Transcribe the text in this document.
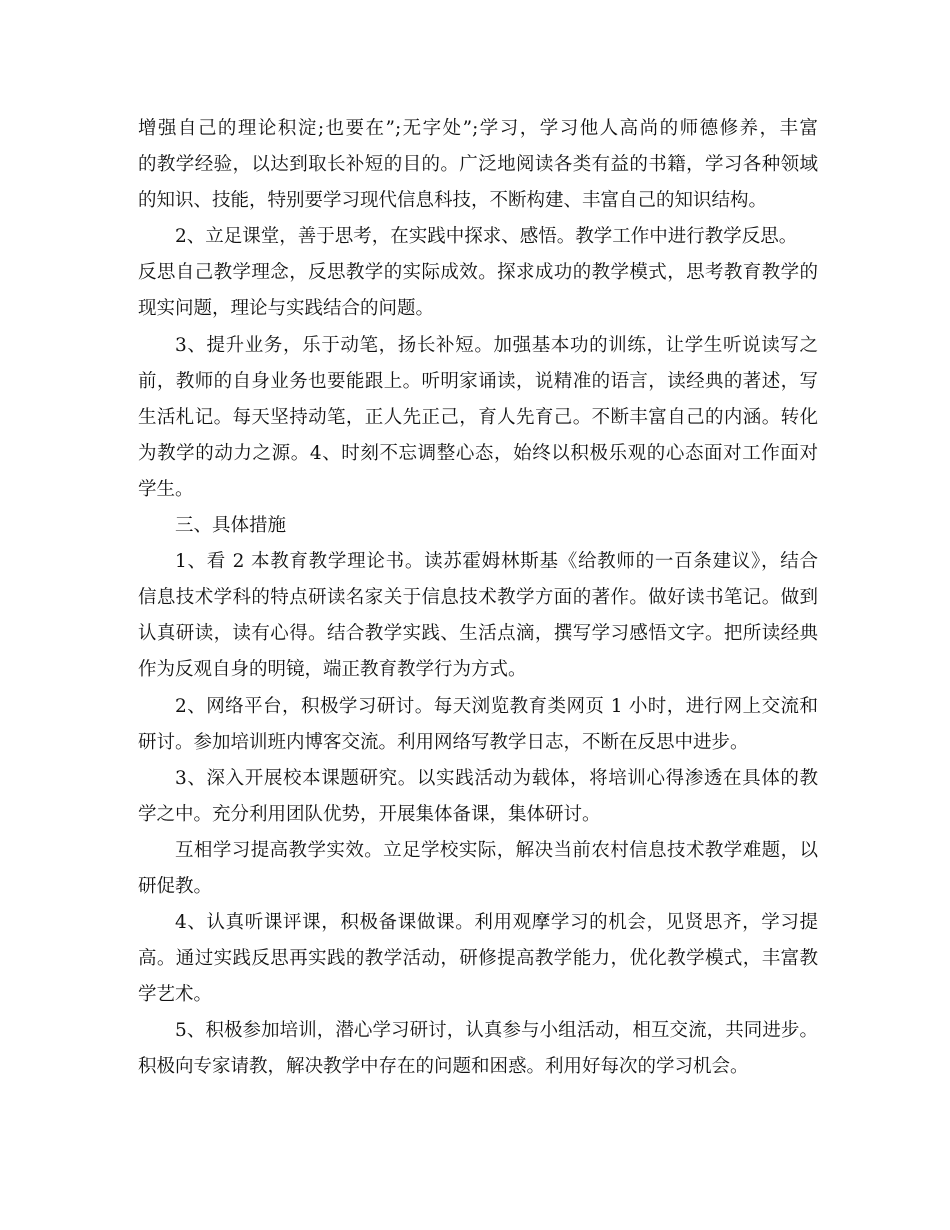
增强自己的理论积淀;也要在”;无字处”;学习，学习他人高尚的师德修养，丰富
的教学经验，以达到取长补短的目的。广泛地阅读各类有益的书籍，学习各种领域
的知识、技能，特别要学习现代信息科技，不断构建、丰富自己的知识结构。
2、立足课堂，善于思考，在实践中探求、感悟。教学工作中进行教学反思。
反思自己教学理念，反思教学的实际成效。探求成功的教学模式，思考教育教学的
现实问题，理论与实践结合的问题。
3、提升业务，乐于动笔，扬长补短。加强基本功的训练，让学生听说读写之
前，教师的自身业务也要能跟上。听明家诵读，说精准的语言，读经典的著述，写
生活札记。每天坚持动笔，正人先正己，育人先育己。不断丰富自己的内涵。转化
为教学的动力之源。4、时刻不忘调整心态，始终以积极乐观的心态面对工作面对
学生。
三、具体措施
1、看 2 本教育教学理论书。读苏霍姆林斯基《给教师的一百条建议》，结合
信息技术学科的特点研读名家关于信息技术教学方面的著作。做好读书笔记。做到
认真研读，读有心得。结合教学实践、生活点滴，撰写学习感悟文字。把所读经典
作为反观自身的明镜，端正教育教学行为方式。
2、网络平台，积极学习研讨。每天浏览教育类网页 1 小时，进行网上交流和
研讨。参加培训班内博客交流。利用网络写教学日志，不断在反思中进步。
3、深入开展校本课题研究。以实践活动为载体，将培训心得渗透在具体的教
学之中。充分利用团队优势，开展集体备课，集体研讨。
互相学习提高教学实效。立足学校实际，解决当前农村信息技术教学难题，以
研促教。
4、认真听课评课，积极备课做课。利用观摩学习的机会，见贤思齐，学习提
高。通过实践反思再实践的教学活动，研修提高教学能力，优化教学模式，丰富教
学艺术。
5、积极参加培训，潜心学习研讨，认真参与小组活动，相互交流，共同进步。
积极向专家请教，解决教学中存在的问题和困惑。利用好每次的学习机会。
